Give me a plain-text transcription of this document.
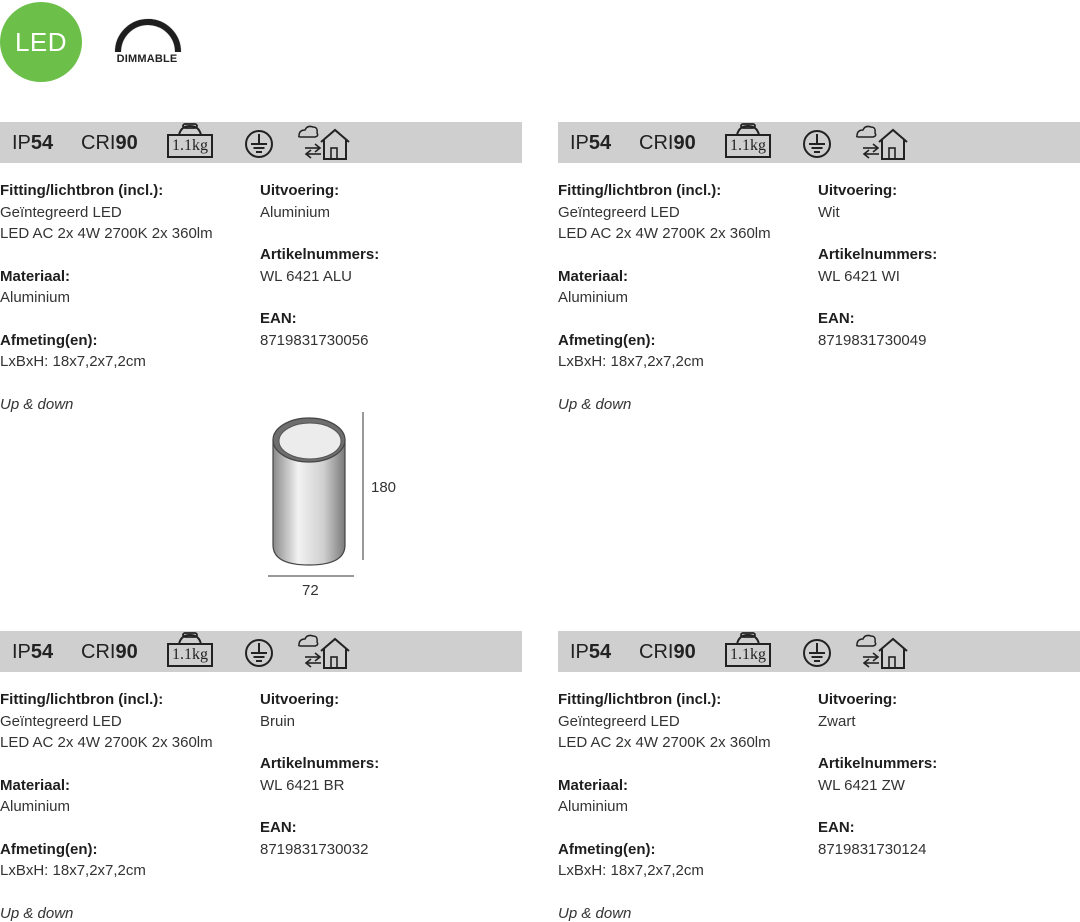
LED
DIMMABLE
IP54 CRI90	1.1kg
Fitting/lichtbron (incl.):
Geïntegreerd LED
LED AC 2x 4W 2700K 2x 360lm
Materiaal:
Aluminium
Afmeting(en):
LxBxH: 18x7,2x7,2cm
Up & down
Uitvoering:
Aluminium
Artikelnummers:
WL 6421 ALU
EAN:
8719831730056
IP54 CRI90	1.1kg
Fitting/lichtbron (incl.):
Geïntegreerd LED
LED AC 2x 4W 2700K 2x 360lm
Materiaal:
Aluminium
Afmeting(en):
LxBxH: 18x7,2x7,2cm
Up & down
Uitvoering:
Wit
Artikelnummers:
WL 6421 WI
EAN:
8719831730049
IP54 CRI90	1.1kg
Fitting/lichtbron (incl.):
Geïntegreerd LED
LED AC 2x 4W 2700K 2x 360lm
Materiaal:
Aluminium
Afmeting(en):
LxBxH: 18x7,2x7,2cm
Up & down
Uitvoering:
Bruin
Artikelnummers:
WL 6421 BR
EAN:
8719831730032
IP54 CRI90	1.1kg
Fitting/lichtbron (incl.):
Geïntegreerd LED
LED AC 2x 4W 2700K 2x 360lm
Materiaal:
Aluminium
Afmeting(en):
LxBxH: 18x7,2x7,2cm
Up & down
Uitvoering:
Zwart
Artikelnummers:
WL 6421 ZW
EAN:
8719831730124
180
72
